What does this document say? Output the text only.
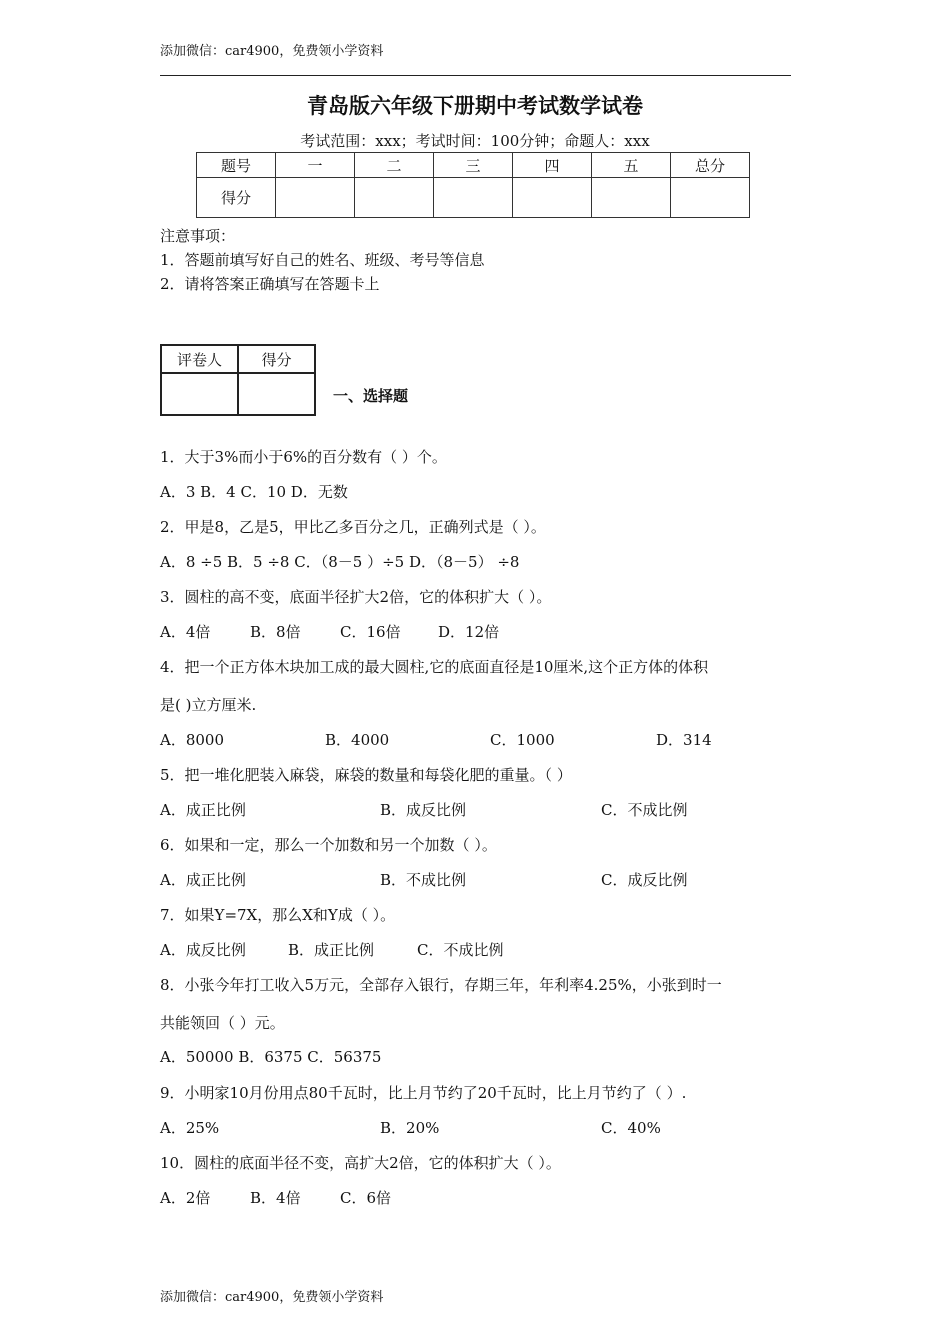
添加微信：car4900，免费领小学资料
青岛版六年级下册期中考试数学试卷
考试范围：xxx；考试时间：100分钟；命题人：xxx
题号	一	二	三	四	五	总分
得分						
注意事项：
1．答题前填写好自己的姓名、班级、考号等信息
2．请将答案正确填写在答题卡上
评卷人	得分

一、选择题
1．大于3%而小于6%的百分数有（ ）个。
A．3 B．4 C．10 D．无数
2．甲是8，乙是5，甲比乙多百分之几，正确列式是（ ）。
A．8 ÷5 B．5 ÷8 C．（8－5 ）÷5 D．（8－5） ÷8
3．圆柱的高不变，底面半径扩大2倍，它的体积扩大（ ）。
A．4倍	B．8倍	C．16倍 D．12倍
4．把一个正方体木块加工成的最大圆柱,它的底面直径是10厘米,这个正方体的体积
是( )立方厘米.
A．8000	B．4000	C．1000	D．314
5．把一堆化肥装入麻袋，麻袋的数量和每袋化肥的重量。（ ）
A．成正比例	B．成反比例	C．不成比例
6．如果和一定，那么一个加数和另一个加数（ ）。
A．成正比例	B．不成比例	C．成反比例
7．如果Y=7X，那么X和Y成（ ）。
A．成反比例	B．成正比例	C．不成比例
8．小张今年打工收入5万元，全部存入银行，存期三年，年利率4.25%，小张到时一
共能领回（ ）元。
A．50000 B．6375 C．56375
9．小明家10月份用点80千瓦时，比上月节约了20千瓦时，比上月节约了（ ）.
A．25%	B．20%	C．40%
10．圆柱的底面半径不变，高扩大2倍，它的体积扩大（ ）。
A．2倍	B．4倍	C．6倍
添加微信：car4900，免费领小学资料
